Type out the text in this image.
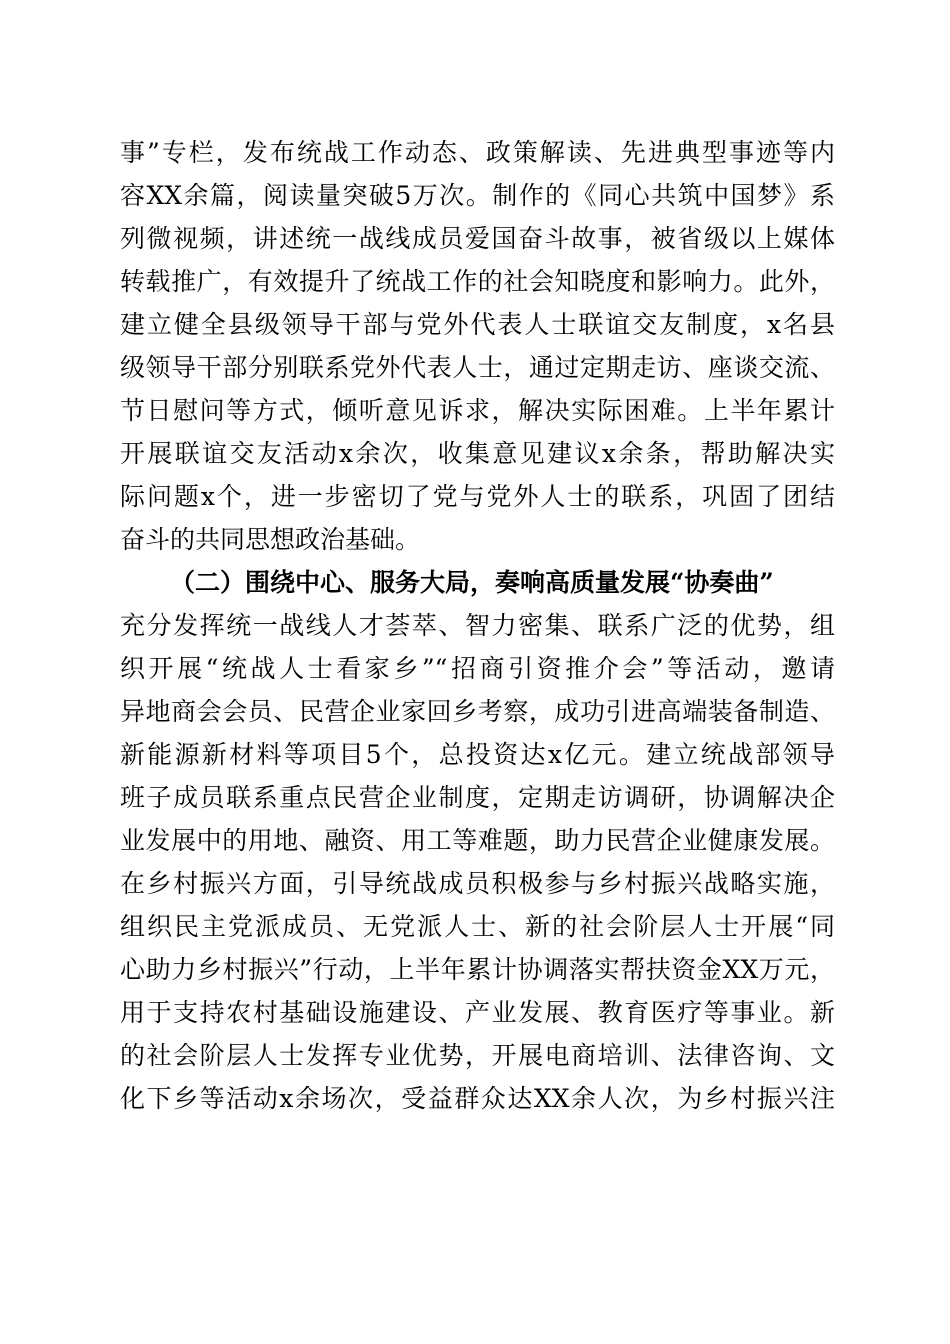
事”专栏，发布统战工作动态、政策解读、先进典型事迹等内
容XX余篇，阅读量突破5万次。制作的《同心共筑中国梦》系
列微视频，讲述统一战线成员爱国奋斗故事，被省级以上媒体
转载推广，有效提升了统战工作的社会知晓度和影响力。此外，
建立健全县级领导干部与党外代表人士联谊交友制度，x名县
级领导干部分别联系党外代表人士，通过定期走访、座谈交流、
节日慰问等方式，倾听意见诉求，解决实际困难。上半年累计
开展联谊交友活动x余次，收集意见建议x余条，帮助解决实
际问题x个，进一步密切了党与党外人士的联系，巩固了团结
奋斗的共同思想政治基础。
（二）围绕中心、服务大局，奏响高质量发展“协奏曲”
充分发挥统一战线人才荟萃、智力密集、联系广泛的优势，组
织开展“统战人士看家乡”“招商引资推介会”等活动，邀请
异地商会会员、民营企业家回乡考察，成功引进高端装备制造、
新能源新材料等项目5个，总投资达x亿元。建立统战部领导
班子成员联系重点民营企业制度，定期走访调研，协调解决企
业发展中的用地、融资、用工等难题，助力民营企业健康发展。
在乡村振兴方面，引导统战成员积极参与乡村振兴战略实施，
组织民主党派成员、无党派人士、新的社会阶层人士开展“同
心助力乡村振兴”行动，上半年累计协调落实帮扶资金XX万元，
用于支持农村基础设施建设、产业发展、教育医疗等事业。新
的社会阶层人士发挥专业优势，开展电商培训、法律咨询、文
化下乡等活动x余场次，受益群众达XX余人次，为乡村振兴注
